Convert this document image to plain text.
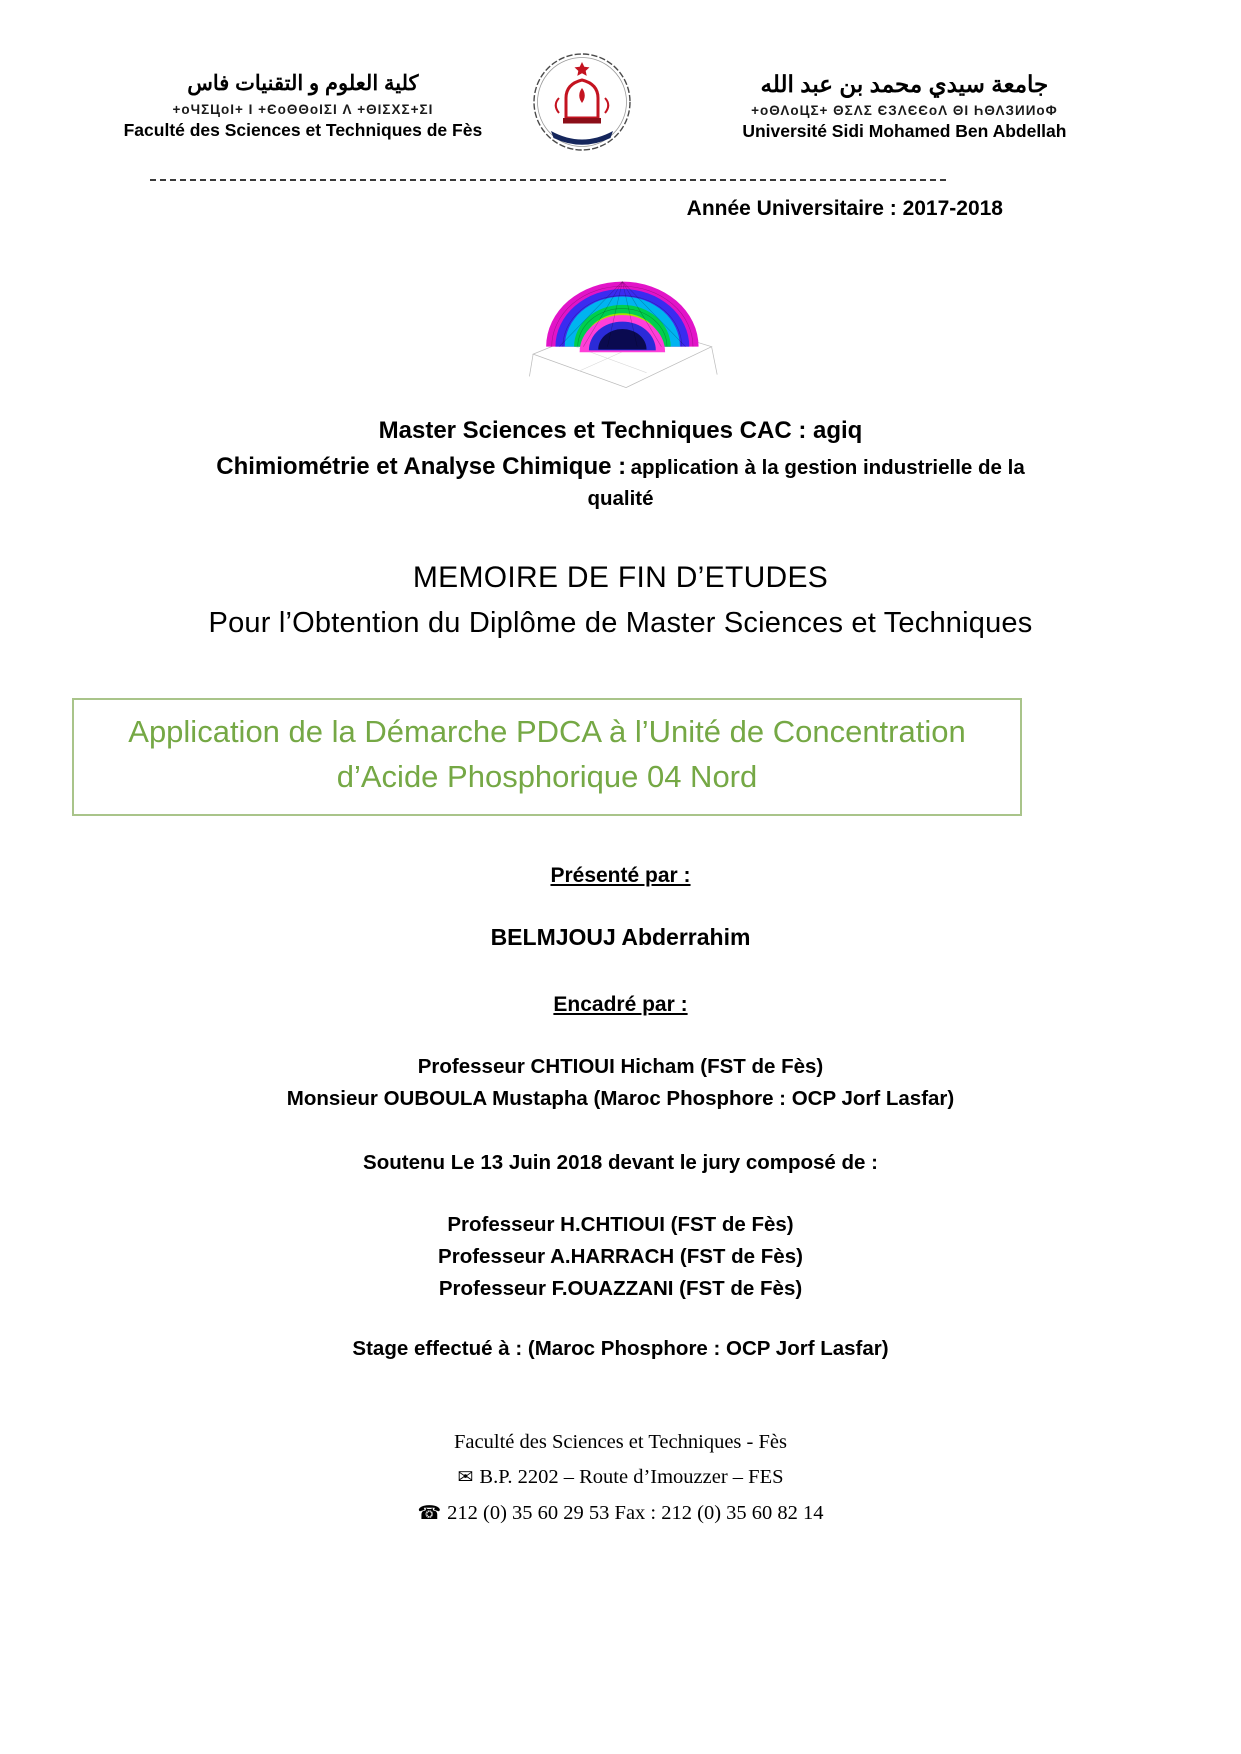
كلية العلوم و التقنيات فاس
+oЧΣЦoІ+ І +ЄoΘΘoІΣІ Λ +ΘІΣΧΣ+ΣІ
Faculté des Sciences et Techniques de Fès
جامعة سيدي محمد بن عبد الله
+oΘΛoЦΣ+ ΘΣΛΣ ЄЗΛЄЄoΛ ΘІ ҺΘΛЗИИoΦ
Université Sidi Mohamed Ben Abdellah
Année Universitaire : 2017-2018
Master Sciences et Techniques CAC : agiq
Chimiométrie et Analyse Chimique : application à la gestion industrielle de la
qualité
MEMOIRE DE FIN D’ETUDES
Pour l’Obtention du Diplôme de Master Sciences et Techniques
Application de la Démarche PDCA à l’Unité de Concentration
d’Acide Phosphorique 04 Nord
Présenté par :
BELMJOUJ Abderrahim
Encadré par :
Professeur CHTIOUI Hicham (FST de Fès)
Monsieur OUBOULA Mustapha (Maroc Phosphore : OCP Jorf Lasfar)
Soutenu Le 13 Juin 2018 devant le jury composé de :
Professeur H.CHTIOUI (FST de Fès)
Professeur A.HARRACH (FST de Fès)
Professeur F.OUAZZANI (FST de Fès)
Stage effectué à : (Maroc Phosphore : OCP Jorf Lasfar)
Faculté des Sciences et Techniques - Fès
✉ B.P. 2202 – Route d’Imouzzer – FES
☎ 212 (0) 35 60 29 53 Fax : 212 (0) 35 60 82 14
